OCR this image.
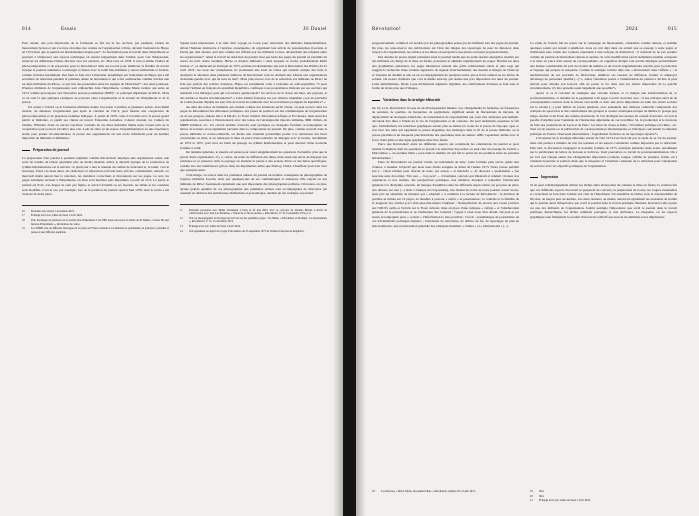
014	Essais	Jil Daniel

Pour autant, une part importante de la formation se fait sur le tas. Arrivée, par exemple, venant du mouvement lycéen et qui s'occupe un temps des vendus de l'organisation à Paris, devient l'assistant de Harpo en 1974 alors que le journal est hebdomadaire depuis peu*. Sa fascination pour le travail dans l'imprimerie se poursuit à s'intéresser aux aspects techniques en restant longuement dans l'atelier, pour voir l'impression, observer les différentes tâches, discuter avec les ouvriers, etc. Plus tard, en 1978, il crée et anime l'atelier de photocomposition et de pré-presse pour la Révolution! dans ses locaux pour améliorer la fluidité du travail lorsque le journal commence à envisager la fusion avec la GOP. Des militants y seront embauchés et formés, comme clavistes notamment. Des liens se font avec Libération, notamment par l'entremise de Harpo qui a été secrétaire de rédaction pendant la première année de lancement et qui a fait «embaucher comme claviste une ou deux militantes de Rêve», ce qui crée des passerelles entre les équipes de fabrication* : des deux journaux. D'autres militants de l'organisation sont embauchés dans l'imprimerie, comme Marie Gruber qui entre en 1974 comme prototypeur aux Nouvelles presses parisiennes (NPP)*, le principal imprimeur de Rêve!. Mais ce ne sont là que quelques exemples de parcours entre l'organisation et le secteur de l'imprimerie et de la presse.

Un retour à l'abord ou la formation militante donne l'occasion à Artistes et plusieurs autres, dont Rémi Gruber, de délaisser l'organisation peu après la création de l'OCT, pour monter une coopérative de photocomposition et de prépresse nommée Italiques. À partir de 1978, celle-ci travaille avec la presse grand public et militante, et parmi ses clients on trouve Fanorama Actuelles, L'Autre Journal, les Cahiers du cinéma, l'Histoire d'elle ou encore Gai-Pied. Certains de ces titres installent même leurs locaux près de la coopérative pour pouvoir travailler plus vite. Loin de s'être su un espace d'expérimentation ou une expérience isolée pour jeunes révolutionnaires, la presse des organisations est une école informelle pour un nombre important de militants et militantes.

Préparation du journal

La préparation d'un journal à parution régulière comme Révolution! implique une organisation rodée, une sorte de routine de labeur quotidien plus ou moins instable. Ainsi, le déroulé typique de la production au rythme hebdomadaire est le suivant : le jeudi soir a lieu la réunion du comité de rédaction et, le lundi, c'est le bouclage. Entre ces deux dates, les rédacteurs et rédactrices écrivent leurs articles, commentent, relisent. Le mercredi matin auront lieu la relecture, les dernières corrections et discussions sur les pages. Le soir, les pages terminées arrivent à l'imprimerie, où elles sont montées puis imprimées à partir de 22 h. Le jeudi, le journal est livré. Ces étapes ne sont pas figées, et selon l'actualité ou les besoins, les délais et les contenus sont modifiés. C'est le cas, par exemple, lors de la parution du journal spécial Mai 1978, dont la sortie a été avancée de deux jours.

16	Entretien avec Arvèd, 3 novembre 2023.
17	Échange écrit avec Gilles de Staal, 2 avril 2024.
18	Pour davantage de précision sur le travail dans l'imprimerie à les NPP, nous renvoyons à l'article de Jil Daniel, « Presse 68, une histoire d'imprimerie », Révolution de contre-
19	Les NMPP sont un diffuseur historique de la presse en France lointain à la Libération et grandement en principe la pluralité la presse et une diffusion équitable.

Sapent leurs impressions à la suite d'un voyage en Corse pour rencontrer des militants indépendantistes. Alban l'humour désinvolte à l'analyse conséquente, ils organisent leur article de pseudonymes (Lucianu et Paoli) qui, mal choisis, sont pris comme des affronts par les militants Corses, déclenchant des tensions entre les organisations*. Ainsi le travail de rédaction du journal n'est pas isolé des pages du journal en parallèle du retour du récit. Autre exemple, Herzo et d'autres militants « dans lesquels se trouve probablement Rémi Gruber »*, se déplacent au Portugal en 1975, période révolutionnaire qui suit la Révolution des Œillets du 25 avril 1974. Au cœur des événements, ils produisent une série de textes qui rendent compte des faits et analysent la situation dans plusieurs numéros de Révolution! tout en donnant une tribune aux organisations d'extrême-gauche avec qui ils sont en lien*. Mais plus encore, lors de la rédaction, les militants de Rêve! ne font que parfois des articles d'analyse, Harpo est notamment venu à Lisbonne en août-septembre 75 pour assurer l'édition en français du quotidien República, confisqué à ses propriétaires libéraux par ses ouvriers qui tiendront à les héberger, puis qui s'accordera quelles-ment* les services de la classe ouvrière, des paysans, et des soldats et marins révolutionnaires*.» Cette édition française est, par ailleurs, imprimée « par les précédés de Caem (Gesme d'Ipaîn) sur tout côté de travail en solidarité avec les travailleurs portugais du República*.»

Au-delà des textes de militants qui rendent compte des situations qu'ils vivent, on peut trouver dans les pages de Révolution! des éditoriaux politiques, des prises de position sur des communiqués de l'organisation ou de ses groupes, annexe liée à la MLAC, le Front culturel, Révolution Afrique et El Charara, mais aussi des organisations associées à l'international avec des textes de l'Avanguardia Operaia italienne, MIR chilien, du MRIB brésilien, etc. Un certain nombre d'articles sont pratiques ou d'enquête factuelle accompagnées de lettres de lecteurs et/ou également parvenir dans la composition du journal. De plus, comme souvent dans la presse militante et contre-culturelle, on décèle une attention particulière portée à la discussion des titres concurrents ou amis, et on remarque la mise en place d'une tentative de dialogue avec le lecteur, notamment en 1974 et 1975, pour tirer un bilan du passage au rythme hebdomadaire et pour discuter d'une nouvelle formule à venir.

De manière générale, le journal est pensé pour rester singulièrement les questions d'actualité, plus que la parole d'une organisation. Il y a, certes, un relais de diffusion des idées, mais aussi une envie de marquer son existence et sa présence dans le paysage en donnant la parole à des acteurs divers et des luttes spécifiques, comme lors des nombreuses grèves dans les imprimeries telles que Darboy, Chaix, Chauffour pour n'en citer que quelques-unes.

Côté image, on trouve dans les premières années du journal un nombre conséquent de photographies de l'agence militante Fotolib, ainsi que quelques-uns de ses communiqués et annonces. Elle étayait ou des militants de Rêve! fournissent également une part importante des photographies publiées. On notera, en plus, qu'une grande quantité de ces photographies des premières années sont accompagnées de directives qui tournent en dérision des nombreuses institutions et personnages, rendant un ton satirique au journal.

11	Entretien personnel avec Didier Schumann à Paris le 24 mai 2023, avec le concours de Thomas Bertail, L'article en collaboration avec Jean-Luc Bontems, « Vision du ce fut les anches », Révolution!, n° 43, 6 septembre 1974, p. 6.
12	Voir un photographies du Portugal par Gil sur ses des premières pages : Ivo Rême, « Révolution au Portugal : les mouvements », Révolution!, n° 51, 21 décembre 1974.
13	Échange écrit avec Gilles de Staal, 2 avril 2024.
14	Voir également un signal de la page 8 du numéro du 25 septembre 1975 de l'édition française de República.
Révolution!	2024	015

progressivement, comme il est notable par les photographies prises par les militants lors des pages du journal. De plus, les sans-réserve des publications sur l'état des images des reportages de peur de dénoncer dans l'espace de l'organisation, les articles et les mises en perspective des photos évoluent progressivement.

Des dessins de presse signés jalonnent aussi le journal tandis que de petits dessins anonymes réalisés par des militants en charge de la mise en forme, ponctuent et animent régulièrement les pages. Hormis les unes aux graphismes audacieux, les pages intérieures suivent une grille relativement stable et plus sage qui suggère la recherche d'une certaine apparence de rigueur. Ponctuellement, des dessins et images de l'Alarcep se truquent un chemin et une ou en accompagnement de quelques textes qui se front culturel ou les lettres de soldats. On notera d'ailleurs que c'est le même Alarcep qui réalise une part importante des unes du journal. Lutte antimilitariste, bilans à peu d'éditoriaux signature régulière, les contributions d'artistes se font sous la forme de textes plus que d'images.

Variations dans la stratégie éditoriale

De n'y a-t-il, Révolution! n'a pas eu un développement linéaire. Les changements de formules, de fréquences de parution, de qualités, de maquettes, de paginations, signifient autant de fluctuations de moyens, de déplacement de stratégies éditoriales, de transmission de responsabilité qui, pour être analysées précisément, devraient être liées à l'étude de la vie de l'organisation et du contexte. On peut néanmoins esquisser le fait que, formellement, les tentatives graphiques auront plus ou moins les codes de la presse de l'époque. Que ce soit avec des unes qui rappellent la presse magazine, des montages dans le fil de la presse militante ou la presse parallèle et un maquette plus distanciée des quotidiens dans les années 1980. Cependant, même avec la force d'une grille et une ligne graphique directrice ferme.

Parce que Révolution! entre les différents aspects qui conduisent les orientations du journal et pour monter la manière dont les questions se posent à la rédaction du journal, on peut citer un passage de l'article « Marcombes », un premier bilan » paru dans le numéro 62 qui fait le point sur les premiers mois de parution hebdomadaire :

Faire de Révolution! un journal vivant, un instrument de lutte. Cette formule peut servir, guidé tant d'autres, à résumer l'objectif que nous nous étions assignés au début de l'année 1973. Notre presse publiait [etc.]... c'était évident pour chacun de nous, par exacte « el hebdo/lu », de discours « quotidienne » (au nouveau sens du terme). Très peu — trop peu? — d'exemples concrets qui illustrent et rendent vivantes nos espérances et nos réalités, des perspectives politiques, une tendance marquée à redoubler l'abstraction générale à la discipline concrète, un manque d'équilibre entre les différents sujets traités, un peu plus de place aux détours sur tout [...] ainsi à l'unique de l'exposition), très distant les traits de notre journal. Aussi avons-nous pris un ensemble de mesures qui « adaptent » à commun à la lecture de Révolution! : la décision de paraître au milieu sur 16 pages, de maudire à pouvoir « surfer » la présentation ; le contrôle et la fiabilité de la longueur des articles (ceci d'un plus-être-mieux l'ampleur ; l'interpellation du lecteur aux veaux (articles sur l'OICP), saille et l'article sur le Front culturel, mise en place d'une rubrique « cultige » et l'amélioration générale de la présentation et de l'utilisation des couleurs ; l'appel à ceux-vous d'un dessin. On peut et les textes accompagnés pour « couvrir » l'information la plus possible ; l'avoir ; systématique de journalistes en cas d'événements politiques-majeurs ; l'extension de rencontres, de débats, de foi, de reportages de plus en plus nombreux, une revalorisation générale des rubriques mainleur « culture » et « international » [...].

La vente de l'article fait un retour sur la campagne de financement, considérée comme réussie, et nomme quelques points qui restent à améliorer, mais on voit déjà dans cet extrait que se passage à seize pages et l'utilisation plus variée des couleurs répondent à une tactique de distinction : il convient de ne pas paraître comme un journal exclusivement sérieux et austère. Si cette modification parait réellement anodine comparée à la mise en place d'un réseau de correspondants, on rappellera malgré tout qu'elle implique probablement une hausse considérable du prix de revient du numéro et un travail supplémentaire notable pour la rédaction et l'équipe qui prépare la maquette. Comme la souligne l'article déjà cité, « Révolution! dans l'affaire » : la modernisation de ses procédés de fabrication, améliore ses réseaux de diffusion, former et employer davantage de personnel qualifié [...]*», Ainsi, l'attention portée à l'amélioration du journal a dû être et plus attirant pour étendre son lectorat afin de porter le fer dans tous les débats importants de la gauche révolutionnaire, n'y être présents aussi largement que possible*»

Après ce se il convient de souligner une certaine lenteur, et ce malgré une transformation de ce professionnalisme, ce manière de la pagination à 20 pages à partir d'octobre avec : il use rubrique suivi de de correspondants ouvriers dont le niveau s'est établi et donc une place importante au salut des textes sociaux sur le terrain [...] pour timbre de presse générale, avec seulement une rubrique culturelle comprenant des critiques de spectacles et des contributions des groupes et acteurs artistiques-troupes de théâtre Z, groupe pop bingo, Atelier et du Front des artistes plasticiens. Si l'on distingue les reprises du conseil d'ouvriers, on voit la gauche d'Alpilles pour l'anéantie de l'instruction algérienne de 1er novembre 54, la production et le nouveau de faits des productions de Lyon et de Paris ; les listes de classe et Italie ; l'évolution politique en Chine ; etc. Tout est de journal ou la publication de correspondances internationales et d'analyses concernant la situation politique en France. Nouveaux mouvements ; l'appellation d'articles ou de reportages répartis*»

L'évolution de la stratégie éditoriale autour de l'été 1974 n'est bien sûr pas la seule de sa vie du journal, mais elle permet à minima de voir les tensions et les aspects considérés comme important par la rédaction. Plus tard, la discussion s'engagera la nouvelle formule de 1975, anticipée plusieurs mois avant, notamment par la publication de lettres de lecteurs et lectrices, vient poursuivre ce travail de professionnalisation. On a pu voir que chaque année des changements importants (contenu, langue, rythme de parution, forme, etc.) viennent bousculer le journal, mais que la maquette et l'attention constante de la rédaction pour l'adaptation de son titre avec les objectifs politiques de l'organisation.

Impression

Si on peut schématiquement diviser les tâches entre élaboration du contenu et mise en forme, la création fait que ces différents aspects du travail se préparent de concerte, la préparation de la une, les coupes éventuelles et corrections se font dans l'atelier aux côté de l'imprimeur. Un ensemble de tâches sous la responsabilité de Nicolas, de maçon puis de Andrée, Les deux derniers, au moins, auront été également les assistants de Joubin qui le journal aussi l'importance que revêt le journal dans le travail politique, Bernard, Kervelet-Calla portée est une des militants de l'organisation, Joubin souligne l'importance que revêt le journal dans le travail politique, hiérarchique, les tâches semblent partagées et non attribuées. La maquette, ou les aspects graphiques sont finalement le produit d'un travail collectif qui associe les militants et les imprimeurs.

18	La rédaction, « Révo! hebdo, un premier bilan », Révolution!, numéro 62, 21 juin 1974.	19	Ibid.
20	Ibid.
21	Échange écrit avec Gilles de Staal, 2 avril 2024.
